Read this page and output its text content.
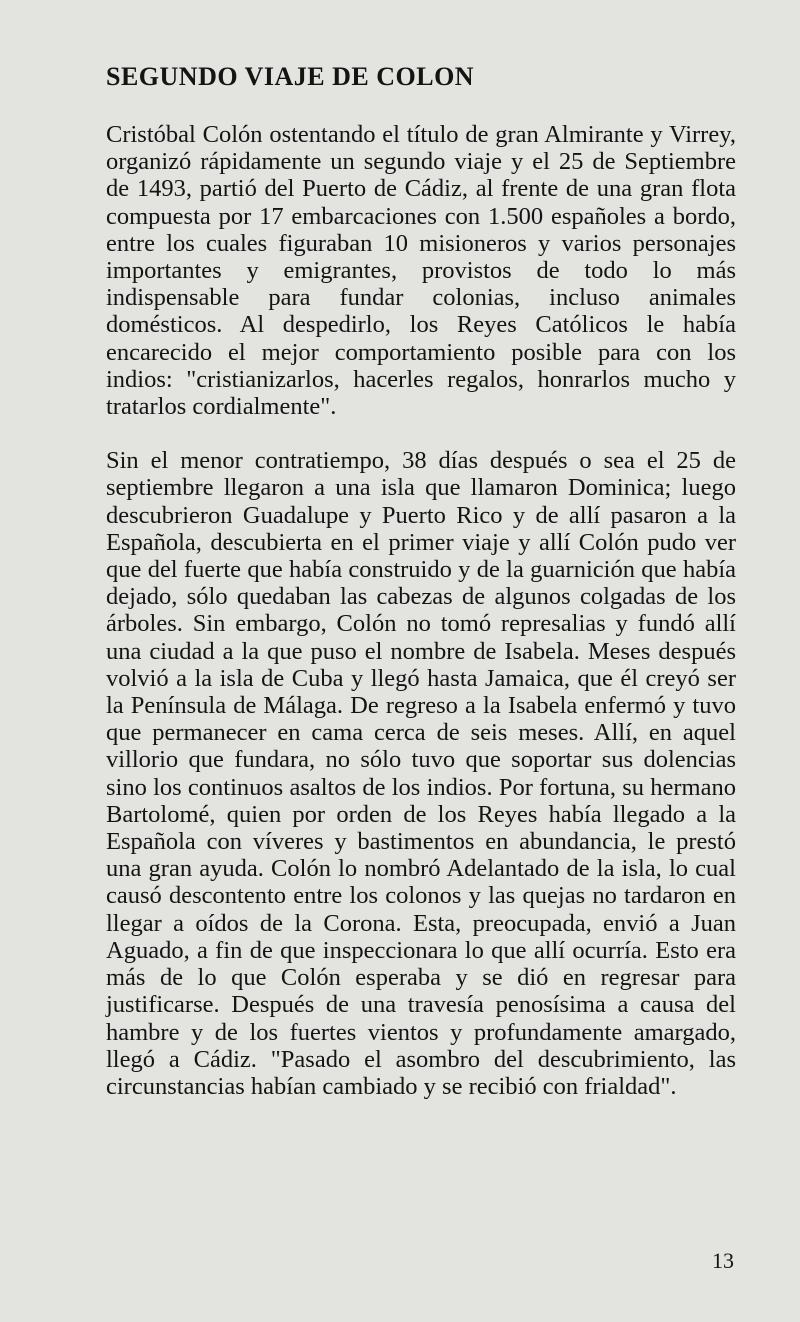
SEGUNDO VIAJE DE COLON

Cristóbal Colón ostentando el título de gran Almirante y Virrey, organizó rápidamente un segundo viaje y el 25 de Septiembre de 1493, partió del Puerto de Cádiz, al frente de una gran flota compuesta por 17 embarcaciones con 1.500 españoles a bordo, entre los cuales figuraban 10 misioneros y varios personajes importantes y emigrantes, provistos de todo lo más indispensable para fundar colonias, incluso animales domésticos. Al despedirlo, los Reyes Católicos le había encarecido el mejor comportamiento posible para con los indios: "cristianizarlos, hacerles regalos, honrarlos mucho y tratarlos cordialmente".

Sin el menor contratiempo, 38 días después o sea el 25 de septiembre llegaron a una isla que llamaron Dominica; luego descubrieron Guadalupe y Puerto Rico y de allí pasaron a la Española, descubierta en el primer viaje y allí Colón pudo ver que del fuerte que había construido y de la guarnición que había dejado, sólo quedaban las cabezas de algunos colgadas de los árboles. Sin embargo, Colón no tomó represalias y fundó allí una ciudad a la que puso el nombre de Isabela. Meses después volvió a la isla de Cuba y llegó hasta Jamaica, que él creyó ser la Península de Málaga. De regreso a la Isabela enfermó y tuvo que permanecer en cama cerca de seis meses. Allí, en aquel villorio que fundara, no sólo tuvo que soportar sus dolencias sino los continuos asaltos de los indios. Por fortuna, su hermano Bartolomé, quien por orden de los Reyes había llegado a la Española con víveres y bastimentos en abundancia, le prestó una gran ayuda. Colón lo nombró Adelantado de la isla, lo cual causó descontento entre los colonos y las quejas no tardaron en llegar a oídos de la Corona. Esta, preocupada, envió a Juan Aguado, a fin de que inspeccionara lo que allí ocurría. Esto era más de lo que Colón esperaba y se dió en regresar para justificarse. Después de una travesía penosísima a causa del hambre y de los fuertes vientos y profundamente amargado, llegó a Cádiz. "Pasado el asombro del descubrimiento, las circunstancias habían cambiado y se recibió con frialdad".

13
